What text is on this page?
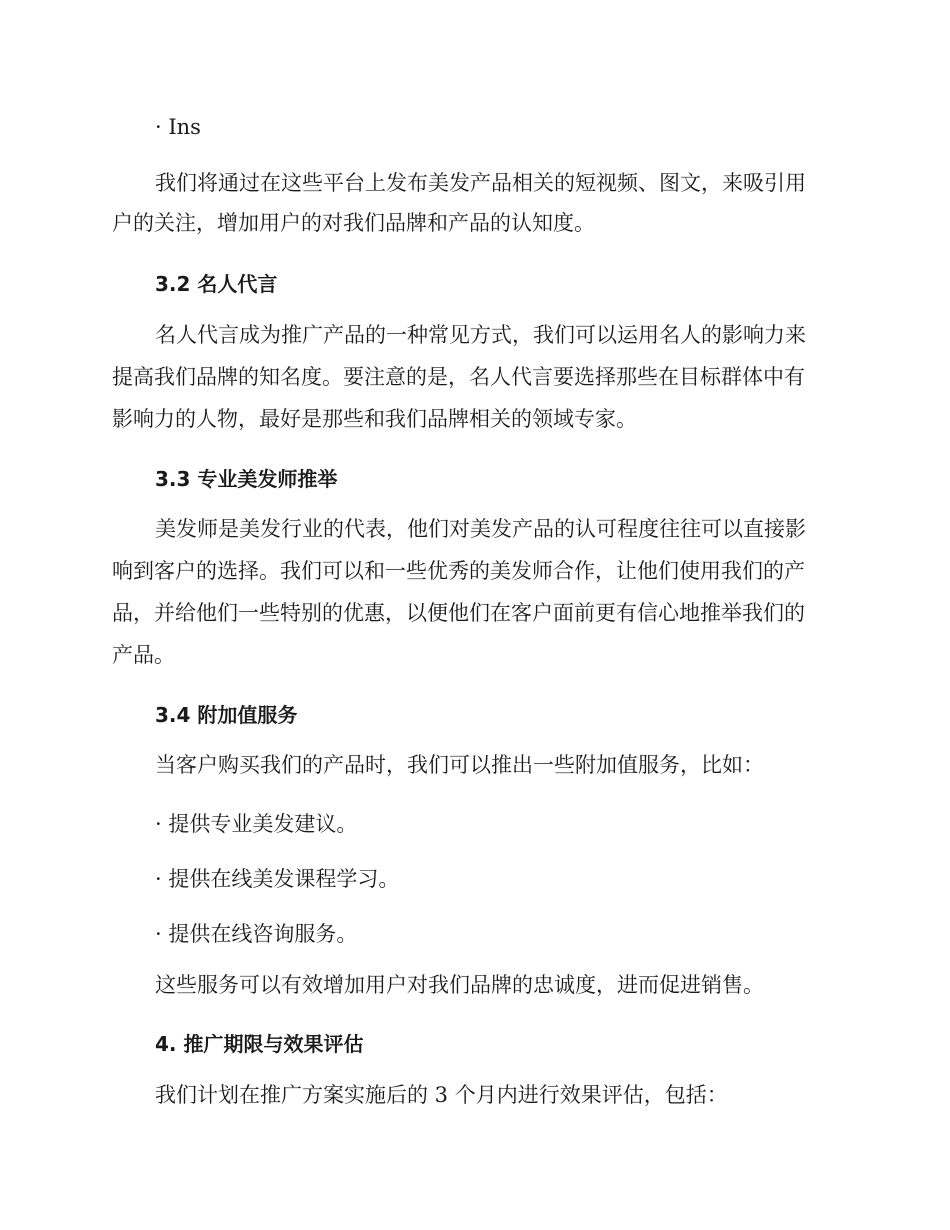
· Ins

我们将通过在这些平台上发布美发产品相关的短视频、图文，来吸引用

户的关注，增加用户的对我们品牌和产品的认知度。

3.2 名人代言

名人代言成为推广产品的一种常见方式，我们可以运用名人的影响力来

提高我们品牌的知名度。要注意的是，名人代言要选择那些在目标群体中有

影响力的人物，最好是那些和我们品牌相关的领域专家。

3.3 专业美发师推举

美发师是美发行业的代表，他们对美发产品的认可程度往往可以直接影

响到客户的选择。我们可以和一些优秀的美发师合作，让他们使用我们的产

品，并给他们一些特别的优惠，以便他们在客户面前更有信心地推举我们的

产品。

3.4 附加值服务

当客户购买我们的产品时，我们可以推出一些附加值服务，比如：

· 提供专业美发建议。

· 提供在线美发课程学习。

· 提供在线咨询服务。

这些服务可以有效增加用户对我们品牌的忠诚度，进而促进销售。

4. 推广期限与效果评估

我们计划在推广方案实施后的 3 个月内进行效果评估，包括：
